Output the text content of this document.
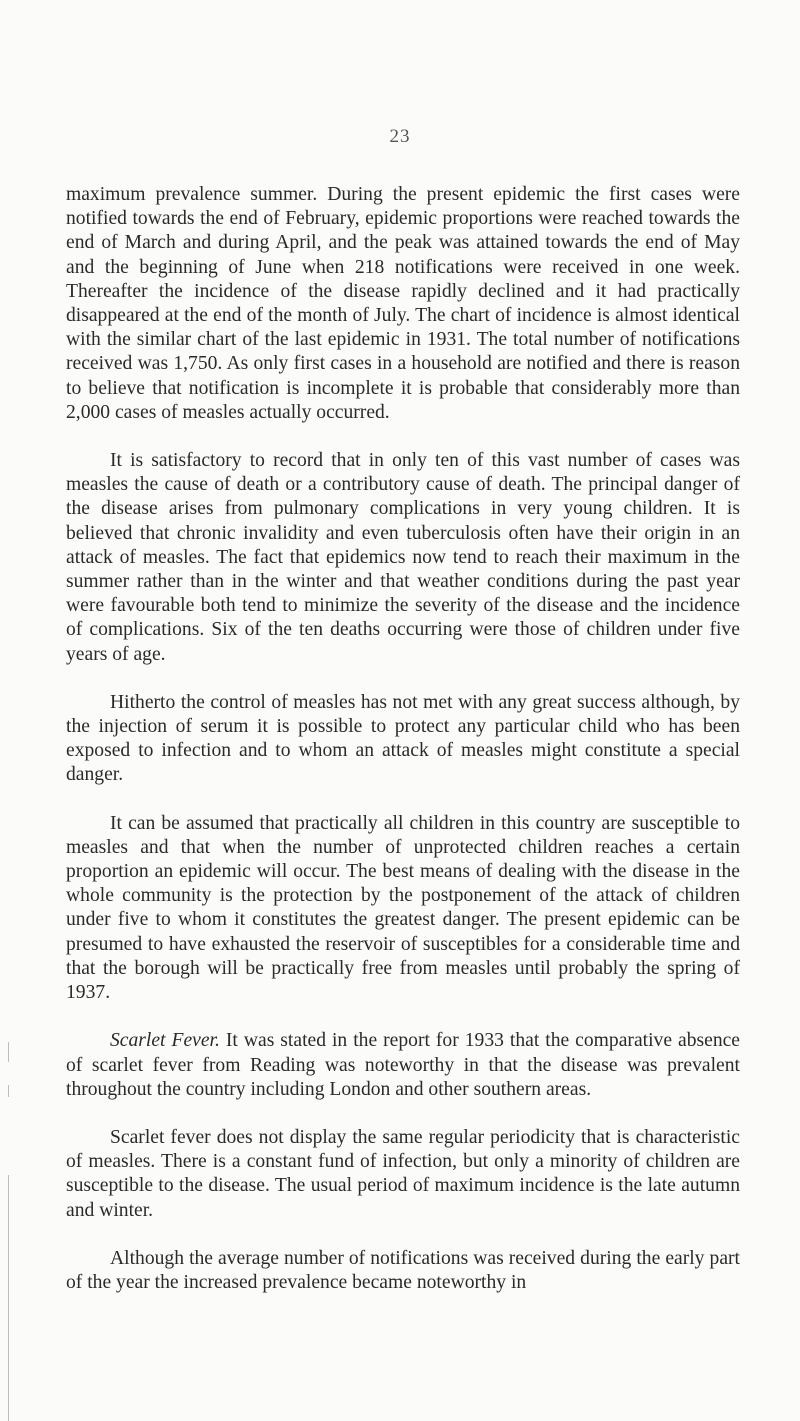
23

maximum prevalence summer. During the present epidemic the first cases were notified towards the end of February, epidemic proportions were reached towards the end of March and during April, and the peak was attained towards the end of May and the beginning of June when 218 notifications were received in one week. Thereafter the incidence of the disease rapidly declined and it had practically disappeared at the end of the month of July. The chart of incidence is almost identical with the similar chart of the last epidemic in 1931. The total number of notifications received was 1,750. As only first cases in a household are notified and there is reason to believe that notification is incomplete it is probable that considerably more than 2,000 cases of measles actually occurred.

It is satisfactory to record that in only ten of this vast number of cases was measles the cause of death or a contributory cause of death. The principal danger of the disease arises from pulmonary complications in very young children. It is believed that chronic invalidity and even tuberculosis often have their origin in an attack of measles. The fact that epidemics now tend to reach their maximum in the summer rather than in the winter and that weather conditions during the past year were favourable both tend to minimize the severity of the disease and the incidence of complications. Six of the ten deaths occurring were those of children under five years of age.

Hitherto the control of measles has not met with any great success although, by the injection of serum it is possible to protect any particular child who has been exposed to infection and to whom an attack of measles might constitute a special danger.

It can be assumed that practically all children in this country are susceptible to measles and that when the number of unprotected children reaches a certain proportion an epidemic will occur. The best means of dealing with the disease in the whole community is the protection by the postponement of the attack of children under five to whom it constitutes the greatest danger. The present epidemic can be presumed to have exhausted the reservoir of susceptibles for a considerable time and that the borough will be practically free from measles until probably the spring of 1937.

Scarlet Fever. It was stated in the report for 1933 that the comparative absence of scarlet fever from Reading was noteworthy in that the disease was prevalent throughout the country including London and other southern areas.

Scarlet fever does not display the same regular periodicity that is characteristic of measles. There is a constant fund of infection, but only a minority of children are susceptible to the disease. The usual period of maximum incidence is the late autumn and winter.

Although the average number of notifications was received during the early part of the year the increased prevalence became noteworthy in
